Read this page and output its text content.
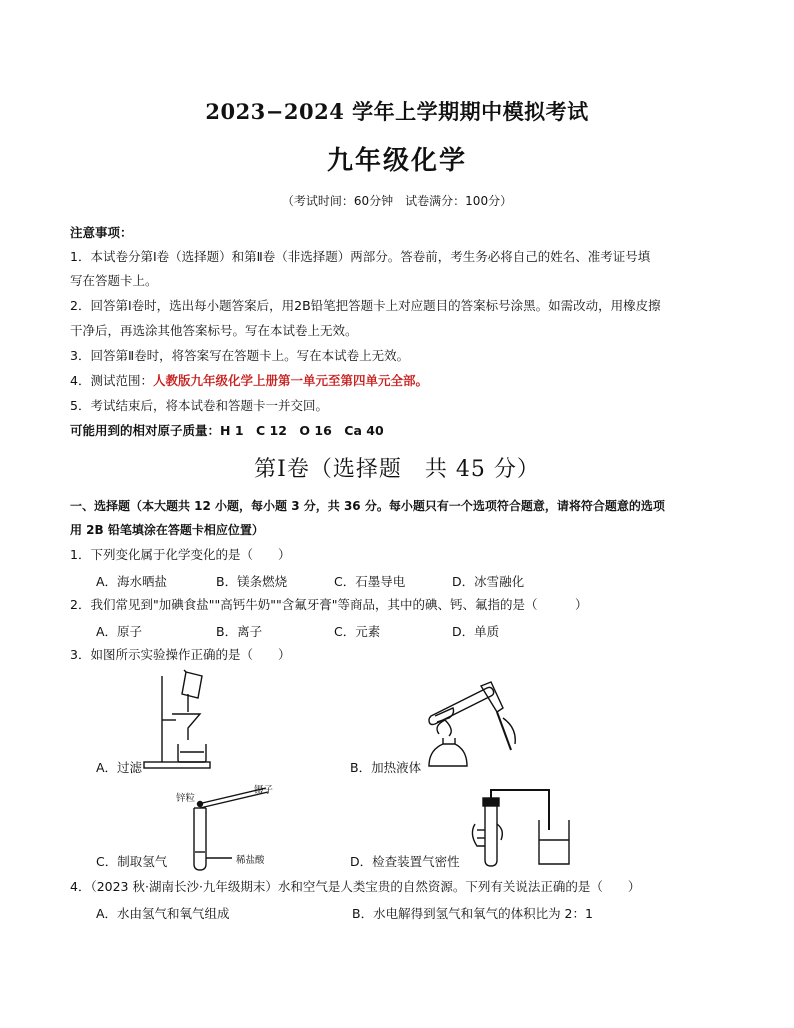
2023−2024 学年上学期期中模拟考试
九年级化学
（考试时间：60分钟　试卷满分：100分）
注意事项：
1．本试卷分第Ⅰ卷（选择题）和第Ⅱ卷（非选择题）两部分。答卷前，考生务必将自己的姓名、准考证号填
写在答题卡上。
2．回答第Ⅰ卷时，选出每小题答案后，用2B铅笔把答题卡上对应题目的答案标号涂黑。如需改动，用橡皮擦
干净后，再选涂其他答案标号。写在本试卷上无效。
3．回答第Ⅱ卷时，将答案写在答题卡上。写在本试卷上无效。
4．测试范围：人教版九年级化学上册第一单元至第四单元全部。
5．考试结束后，将本试卷和答题卡一并交回。
可能用到的相对原子质量：H 1　C 12　O 16　Ca 40
第Ⅰ卷（选择题　共 45 分）
一、选择题（本大题共 12 小题，每小题 3 分，共 36 分。每小题只有一个选项符合题意，请将符合题意的选项
用 2B 铅笔填涂在答题卡相应位置）
1．下列变化属于化学变化的是（　　）
A．海水晒盐	B．镁条燃烧	C．石墨导电	D．冰雪融化
2．我们常见到"加碘食盐""高钙牛奶""含氟牙膏"等商品，其中的碘、钙、氟指的是（　　　）
A．原子	B．离子	C．元素	D．单质
3．如图所示实验操作正确的是（　　）
A．过滤	B．加热液体
锌粒
镊子
稀盐酸
C．制取氢气	D．检查装置气密性
4．（2023 秋·湖南长沙·九年级期末）水和空气是人类宝贵的自然资源。下列有关说法正确的是（　　）
A．水由氢气和氧气组成	B．水电解得到氢气和氧气的体积比为 2：1
